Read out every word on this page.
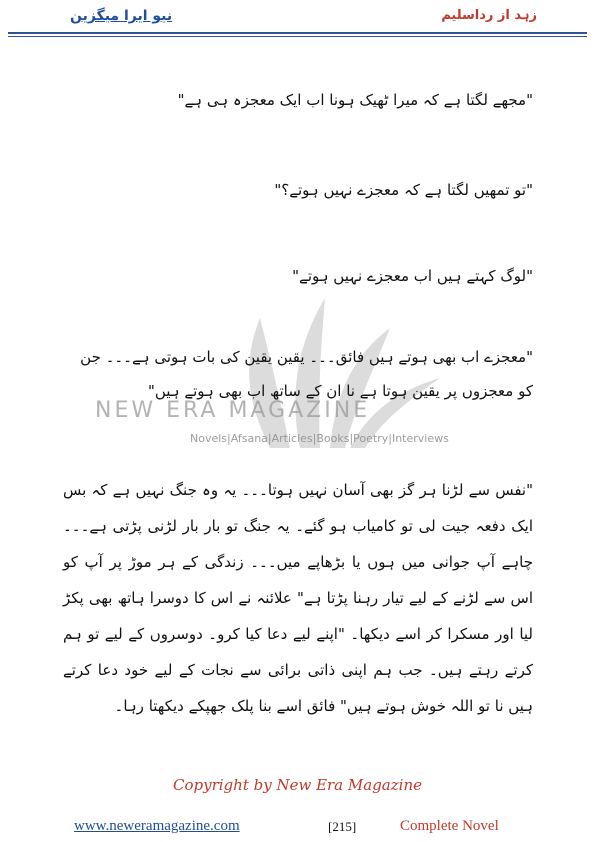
نیو ایرا میگزین	زہد از رداسلیم
NEW ERA MAGAZINE
Novels|Afsana|Articles|Books|Poetry|Interviews
"مجھے لگتا ہے کہ میرا ٹھیک ہونا اب ایک معجزہ ہی ہے"
"تو تمھیں لگتا ہے کہ معجزے نہیں ہوتے؟"
"لوگ کہتے ہیں اب معجزے نہیں ہوتے"
"معجزے اب بھی ہوتے ہیں فائق۔۔۔ یقین یقین کی بات ہوتی ہے۔۔۔ جن کو معجزوں پر یقین ہوتا ہے نا ان کے ساتھ اب بھی ہوتے ہیں"
"نفس سے لڑنا ہر گز بھی آسان نہیں ہوتا۔۔۔ یہ وہ جنگ نہیں ہے کہ بس ایک دفعہ جیت لی تو کامیاب ہو گئے۔ یہ جنگ تو بار بار لڑنی پڑتی ہے۔۔۔ چاہے آپ جوانی میں ہوں یا بڑھاپے میں۔۔۔ زندگی کے ہر موڑ پر آپ کو اس سے لڑنے کے لیے تیار رہنا پڑتا ہے" علائنہ نے اس کا دوسرا ہاتھ بھی پکڑ لیا اور مسکرا کر اسے دیکھا۔ "اپنے لیے دعا کیا کرو۔ دوسروں کے لیے تو ہم کرتے رہتے ہیں۔ جب ہم اپنی ذاتی برائی سے نجات کے لیے خود دعا کرتے ہیں نا تو اللہ خوش ہوتے ہیں" فائق اسے بنا پلک جھپکے دیکھتا رہا۔
Copyright by New Era Magazine
www.neweramagazine.com	[215]	Complete Novel
